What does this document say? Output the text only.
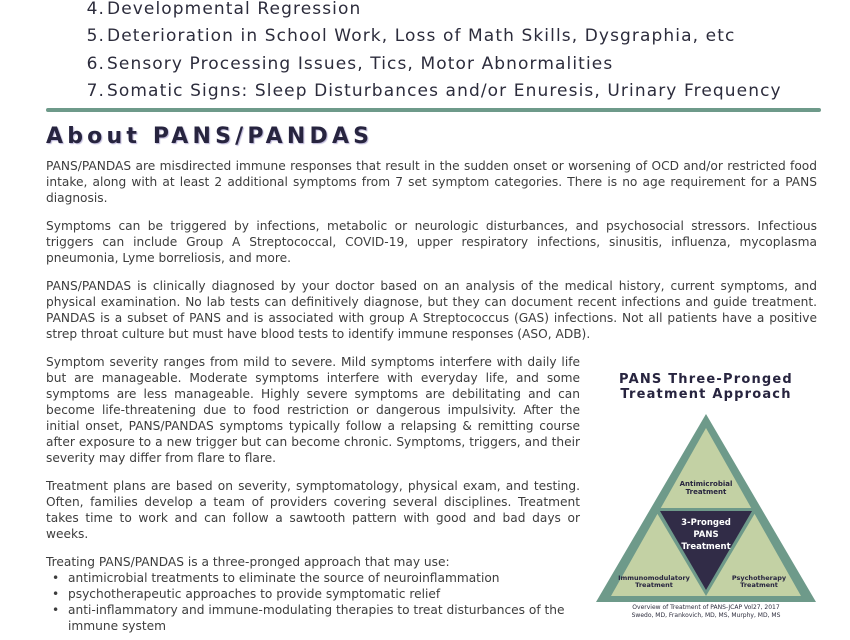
4. Developmental Regression
5. Deterioration in School Work, Loss of Math Skills, Dysgraphia, etc
6. Sensory Processing Issues, Tics, Motor Abnormalities
7. Somatic Signs: Sleep Disturbances and/or Enuresis, Urinary Frequency
About PANS/PANDAS

PANS/PANDAS are misdirected immune responses that result in the sudden onset or worsening of OCD and/or restricted food intake, along with at least 2 additional symptoms from 7 set symptom categories. There is no age requirement for a PANS diagnosis.

Symptoms can be triggered by infections, metabolic or neurologic disturbances, and psychosocial stressors. Infectious triggers can include Group A Streptococcal, COVID-19, upper respiratory infections, sinusitis, influenza, mycoplasma pneumonia, Lyme borreliosis, and more.

PANS/PANDAS is clinically diagnosed by your doctor based on an analysis of the medical history, current symptoms, and physical examination. No lab tests can definitively diagnose, but they can document recent infections and guide treatment. PANDAS is a subset of PANS and is associated with group A Streptococcus (GAS) infections. Not all patients have a positive strep throat culture but must have blood tests to identify immune responses (ASO, ADB).

Symptom severity ranges from mild to severe. Mild symptoms interfere with daily life but are manageable. Moderate symptoms interfere with everyday life, and some symptoms are less manageable. Highly severe symptoms are debilitating and can become life-threatening due to food restriction or dangerous impulsivity. After the initial onset, PANS/PANDAS symptoms typically follow a relapsing & remitting course after exposure to a new trigger but can become chronic. Symptoms, triggers, and their severity may differ from flare to flare.

Treatment plans are based on severity, symptomatology, physical exam, and testing. Often, families develop a team of providers covering several disciplines. Treatment takes time to work and can follow a sawtooth pattern with good and bad days or weeks.

Treating PANS/PANDAS is a three-pronged approach that may use:

• antimicrobial treatments to eliminate the source of neuroinflammation
• psychotherapeutic approaches to provide symptomatic relief
• anti-inflammatory and immune-modulating therapies to treat disturbances of the immune system
PANS Three-Pronged
Treatment Approach
Antimicrobial
Treatment
3-Pronged
PANS
Treatment
Immunomodulatory
Treatment
Psychotherapy
Treatment
Overview of Treatment of PANS-JCAP Vol27, 2017
Swedo, MD, Frankovich, MD, MS, Murphy, MD, MS
